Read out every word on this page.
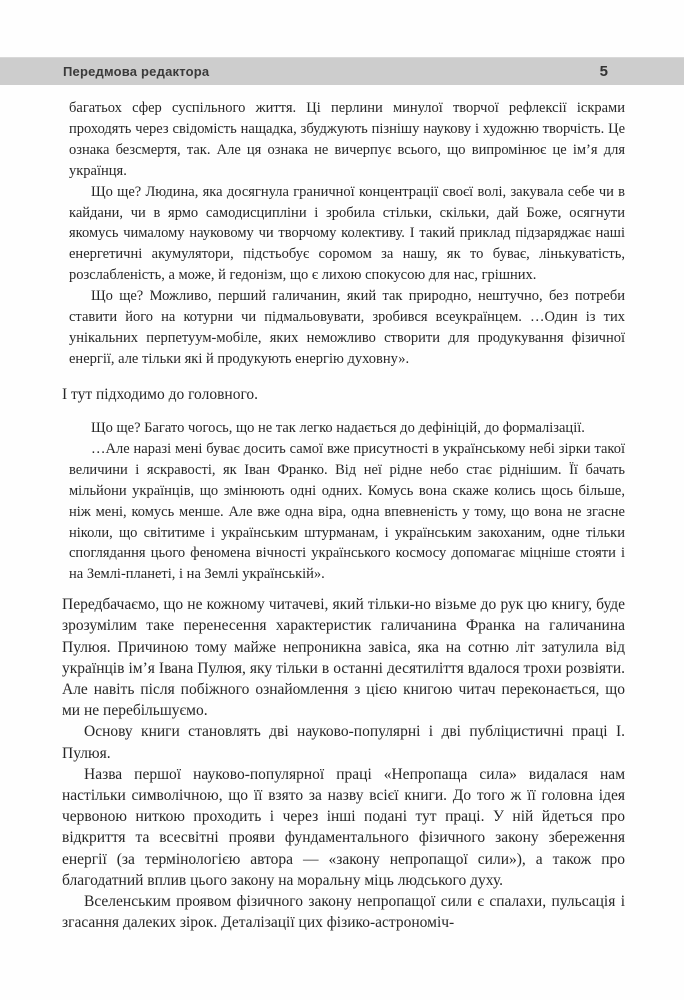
Передмова редактора	5

багатьох сфер суспільного життя. Ці перлини минулої творчої рефлексії іскрами проходять через свідомість нащадка, збуджують пізнішу наукову і художню творчість. Це ознака безсмертя, так. Але ця ознака не вичерпує всього, що випромінює це ім’я для українця.

Що ще? Людина, яка досягнула граничної концентрації своєї волі, закувала себе чи в кайдани, чи в ярмо самодисципліни і зробила стільки, скільки, дай Боже, осягнути якомусь чималому науковому чи творчому колективу. І такий приклад підзаряджає наші енергетичні акумулятори, підстьобує соромом за нашу, як то буває, лінькуватість, розслабленість, а може, й гедонізм, що є лихою спокусою для нас, грішних.

Що ще? Можливо, перший галичанин, який так природно, нештучно, без потреби ставити його на котурни чи підмальовувати, зробився всеукраїнцем. …Один із тих унікальних перпетуум-мобіле, яких неможливо створити для продукування фізичної енергії, але тільки які й продукують енергію духовну».

І тут підходимо до головного.

Що ще? Багато чогось, що не так легко надається до дефініцій, до формалізації.

…Але наразі мені буває досить самої вже присутності в українському небі зірки такої величини і яскравості, як Іван Франко. Від неї рідне небо стає ріднішим. Її бачать мільйони українців, що змінюють одні одних. Комусь вона скаже колись щось більше, ніж мені, комусь менше. Але вже одна віра, одна впевненість у тому, що вона не згасне ніколи, що світитиме і українським штурманам, і українським закоханим, одне тільки споглядання цього феномена вічності українського космосу допомагає міцніше стояти і на Землі-планеті, і на Землі українській».

Передбачаємо, що не кожному читачеві, який тільки-но візьме до рук цю книгу, буде зрозумілим таке перенесення характеристик галичанина Франка на галичанина Пулюя. Причиною тому майже непроникна завіса, яка на сотню літ затулила від українців ім’я Івана Пулюя, яку тільки в останні десятиліття вдалося трохи розвіяти. Але навіть після побіжного ознайомлення з цією книгою читач переконається, що ми не перебільшуємо.

Основу книги становлять дві науково-популярні і дві публіцистичні праці І. Пулюя.

Назва першої науково-популярної праці «Непропаща сила» видалася нам настільки символічною, що її взято за назву всієї книги. До того ж її головна ідея червоною ниткою проходить і через інші подані тут праці. У ній йдеться про відкриття та всесвітні прояви фундаментального фізичного закону збереження енергії (за термінологією автора — «закону непропащої сили»), а також про благодатний вплив цього закону на моральну міць людського духу.

Вселенським проявом фізичного закону непропащої сили є спалахи, пульсація і згасання далеких зірок. Деталізації цих фізико-астрономіч-
